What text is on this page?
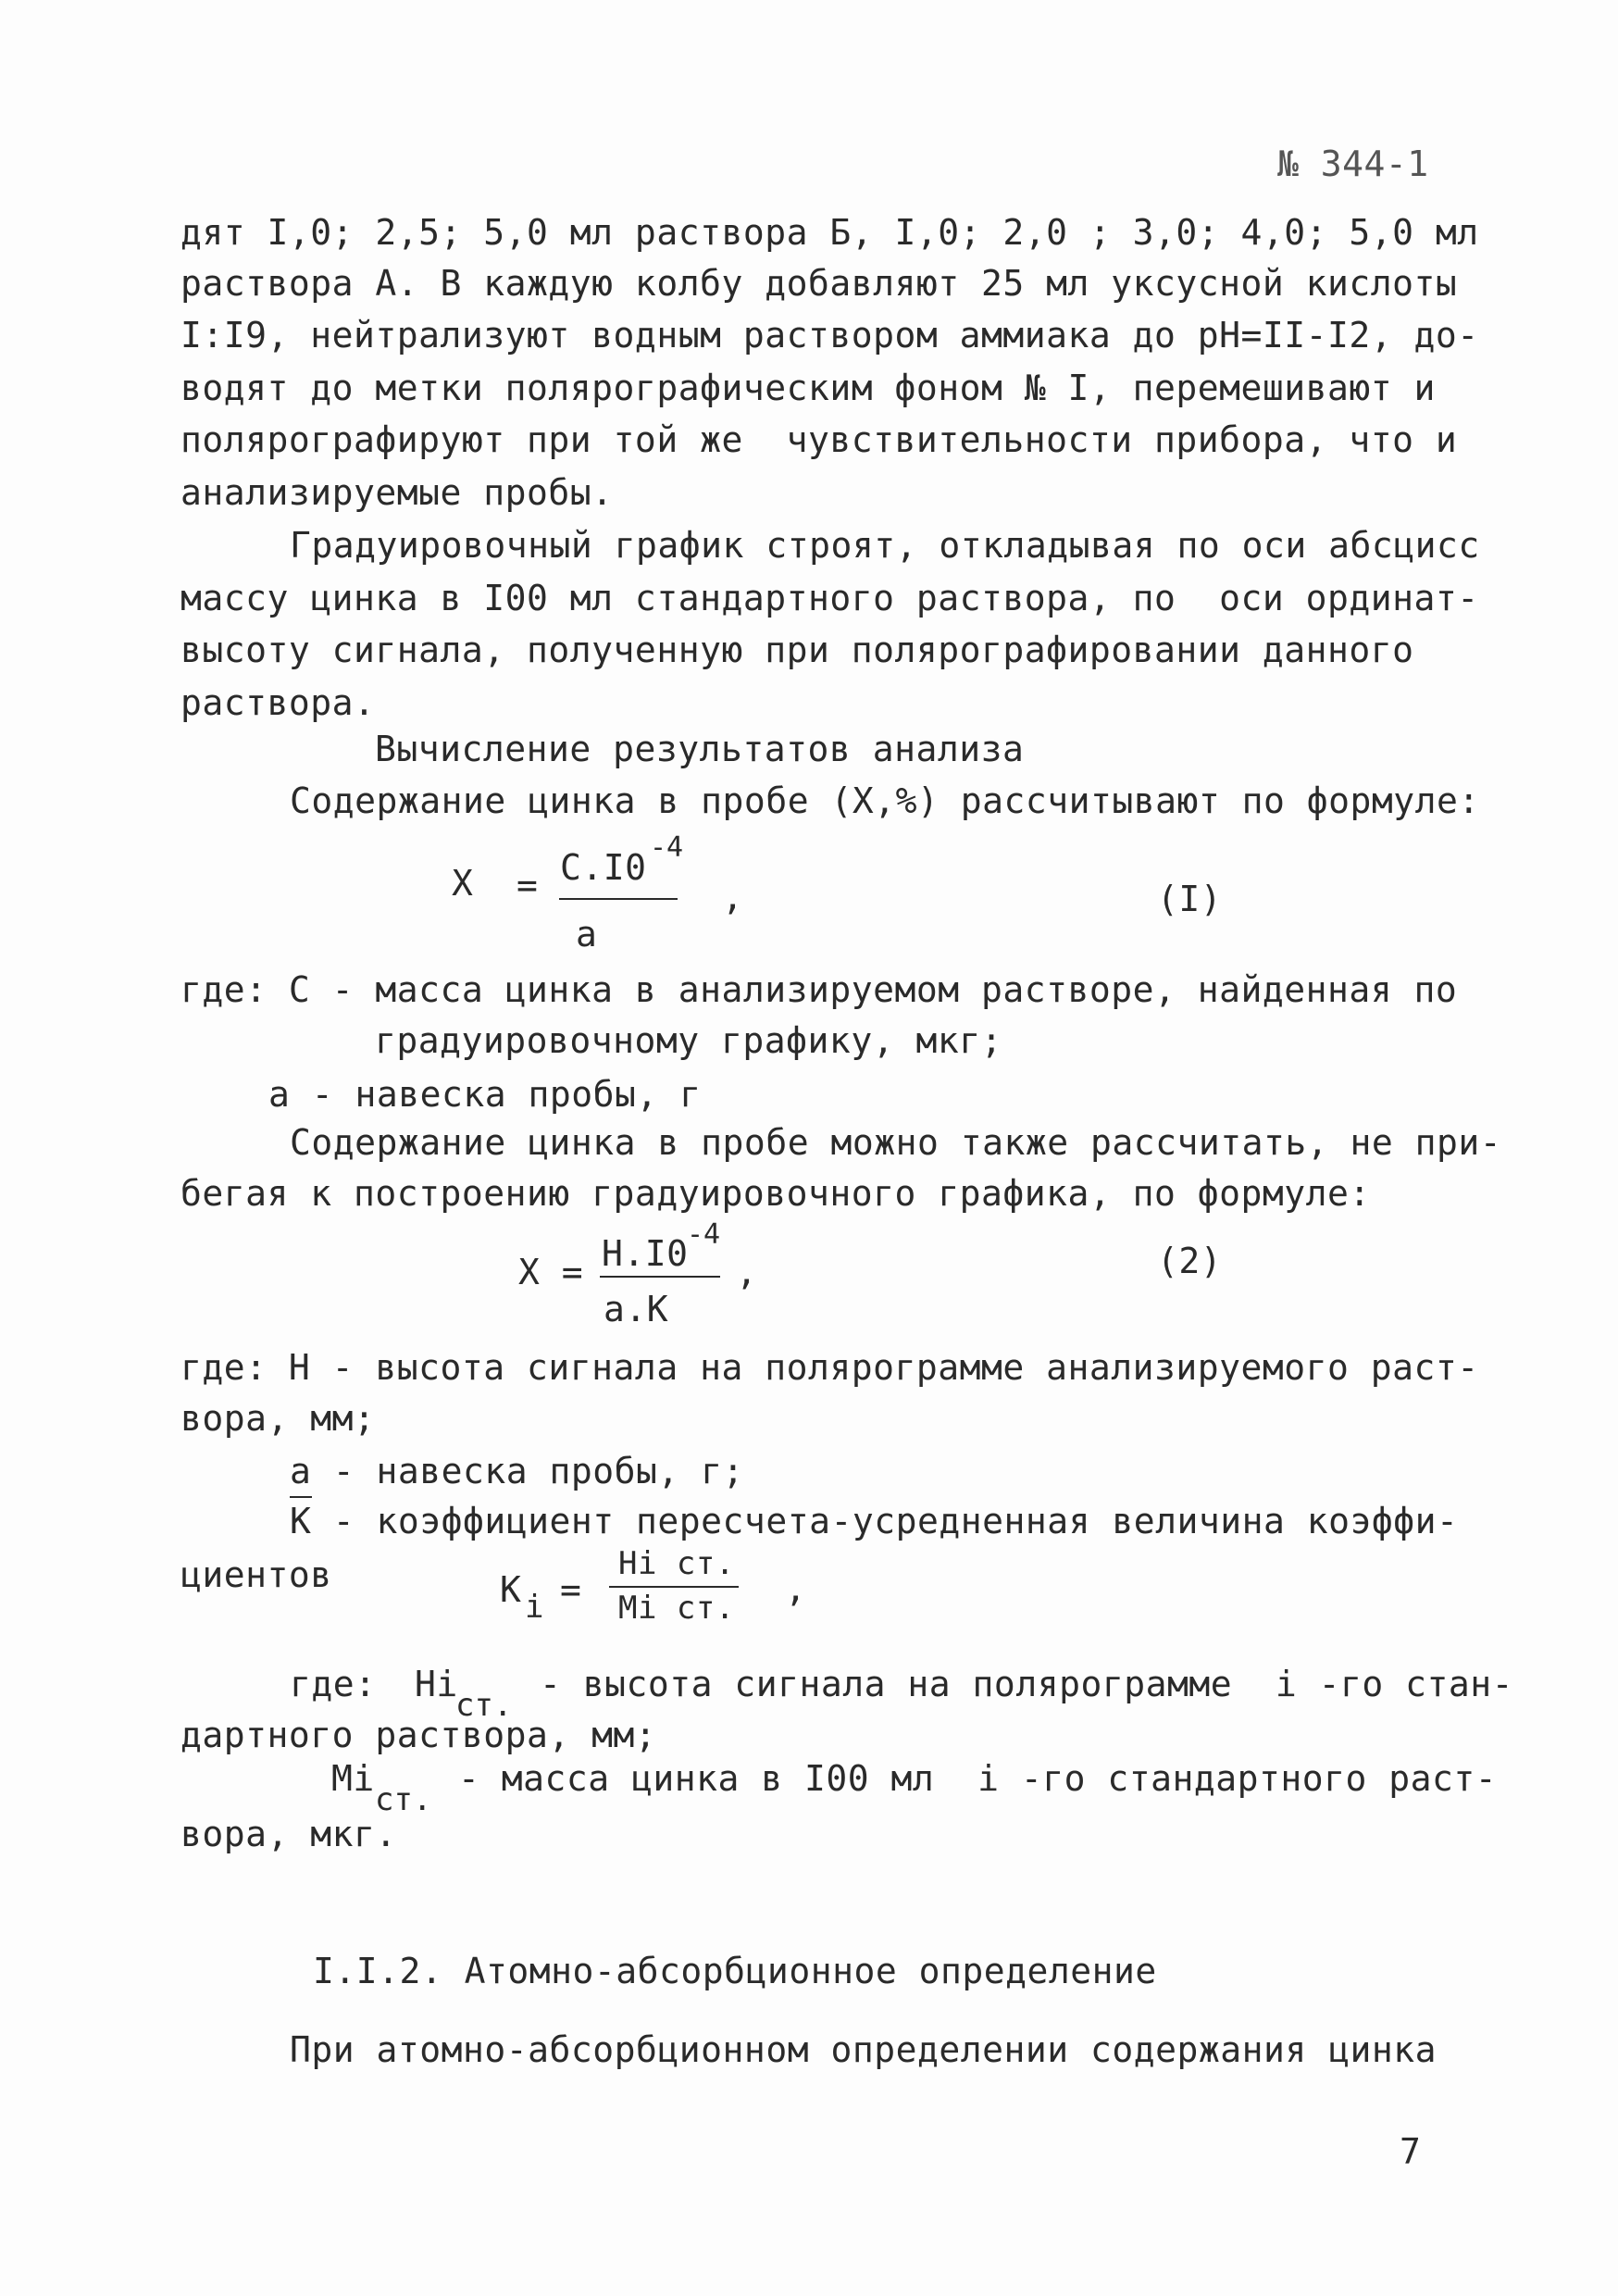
№ 344-1
дят I,0; 2,5; 5,0 мл раствора Б, I,0; 2,0 ; 3,0; 4,0; 5,0 мл
раствора А. В каждую колбу добавляют 25 мл уксусной кислоты
I:I9, нейтрализуют водным раствором аммиака до pH=II-I2, до-
водят до метки полярографическим фоном № I, перемешивают и
полярографируют при той же  чувствительности прибора, что и
анализируемые пробы.
Градуировочный график строят, откладывая по оси абсцисс
массу цинка в I00 мл стандартного раствора, по  оси ординат-
высоту сигнала, полученную при полярографировании данного
раствора.
Вычисление результатов анализа
Содержание цинка в пробе (X,%) рассчитывают по формуле:
X = C.I0 -4
a
,	(I)
где: С - масса цинка в анализируемом растворе, найденная по
градуировочному графику, мкг;
а - навеска пробы, г
Содержание цинка в пробе можно также рассчитать, не при-
бегая к построению градуировочного графика, по формуле:
X = H.I0
-4
,
a.K
(2)
где: Н - высота сигнала на полярограмме анализируемого раст-
вора, мм;
а - навеска пробы, г;
K - коэффициент пересчета-усредненная величина коэффи-
циентов	K i =
Hi ст.
Mi ст. ,
где: Hi
ст.
- высота сигнала на полярограмме  i -го стан-
дартного раствора, мм;
Mi
ст.
- масса цинка в I00 мл  i -го стандартного раст-
вора, мкг.
I.I.2. Атомно-абсорбционное определение
При атомно-абсорбционном определении содержания цинка
7
